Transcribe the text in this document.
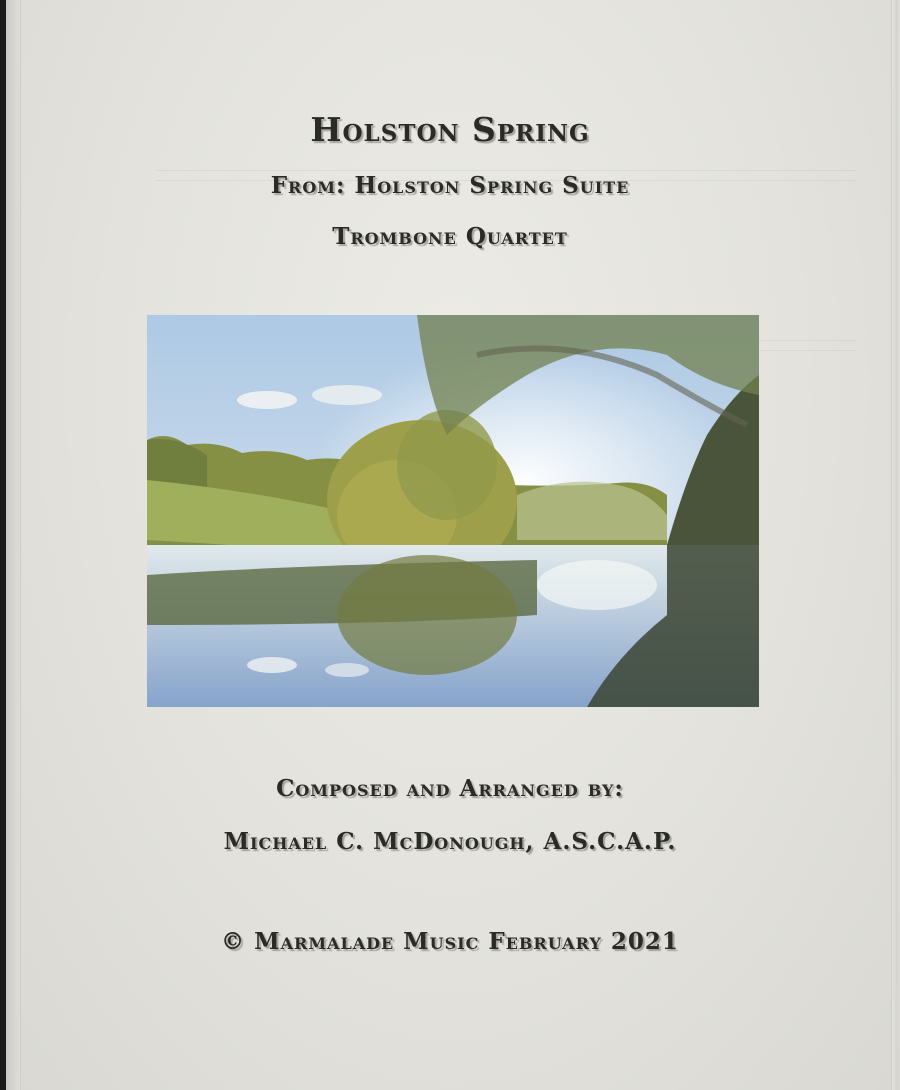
Holston Spring
From: Holston Spring Suite
Trombone Quartet
Composed and Arranged by:
Michael C. McDonough, A.S.C.A.P.
© Marmalade Music February 2021
